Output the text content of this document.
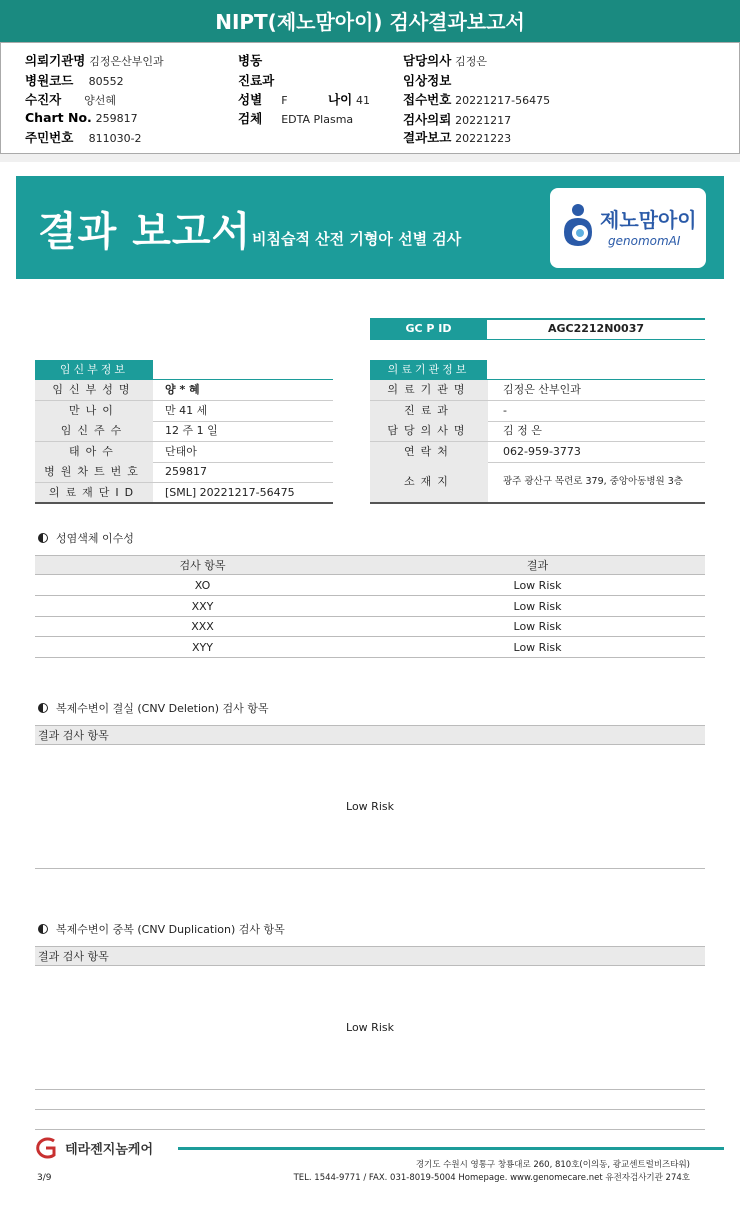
NIPT(제노맘아이) 검사결과보고서
의뢰기관명 김정은산부인과
병원코드 80552
수진자 양선혜
Chart No. 259817
주민번호 811030-2
병동
진료과
성별 F	나이 41
검체 EDTA Plasma
담당의사 김정은
임상정보
접수번호 20221217-56475
검사의뢰 20221217
결과보고 20221223
결과 보고서 비침습적 산전 기형아 선별 검사
제노맘아이
genomomAI
GC P ID	AGC2212N0037
임신부정보	의료기관정보
임신부성명	양 * 혜
만나이	만 41 세
임신주수	12 주 1 일
태아수	단태아
병원차트번호	259817
의료재단ID	[SML] 20221217-56475
의료기관명	김정은 산부인과
진료과	-
담당의사명	김 정 은
연락처	062-959-3773
소재지	광주 광산구 목련로 379, 중앙아동병원 3층
성염색체 이수성
검사 항목	결과
XO	Low Risk
XXY	Low Risk
XXX	Low Risk
XYY	Low Risk
복제수변이 결실 (CNV Deletion) 검사 항목
결과 검사 항목
Low Risk
복제수변이 중복 (CNV Duplication) 검사 항목
결과 검사 항목
Low Risk
테라젠지놈케어
3/9
경기도 수원시 영통구 창룡대로 260, 810호(이의동, 광교센트럴비즈타워)
TEL. 1544-9771 / FAX. 031-8019-5004 Homepage. www.genomecare.net 유전자검사기관 274호
